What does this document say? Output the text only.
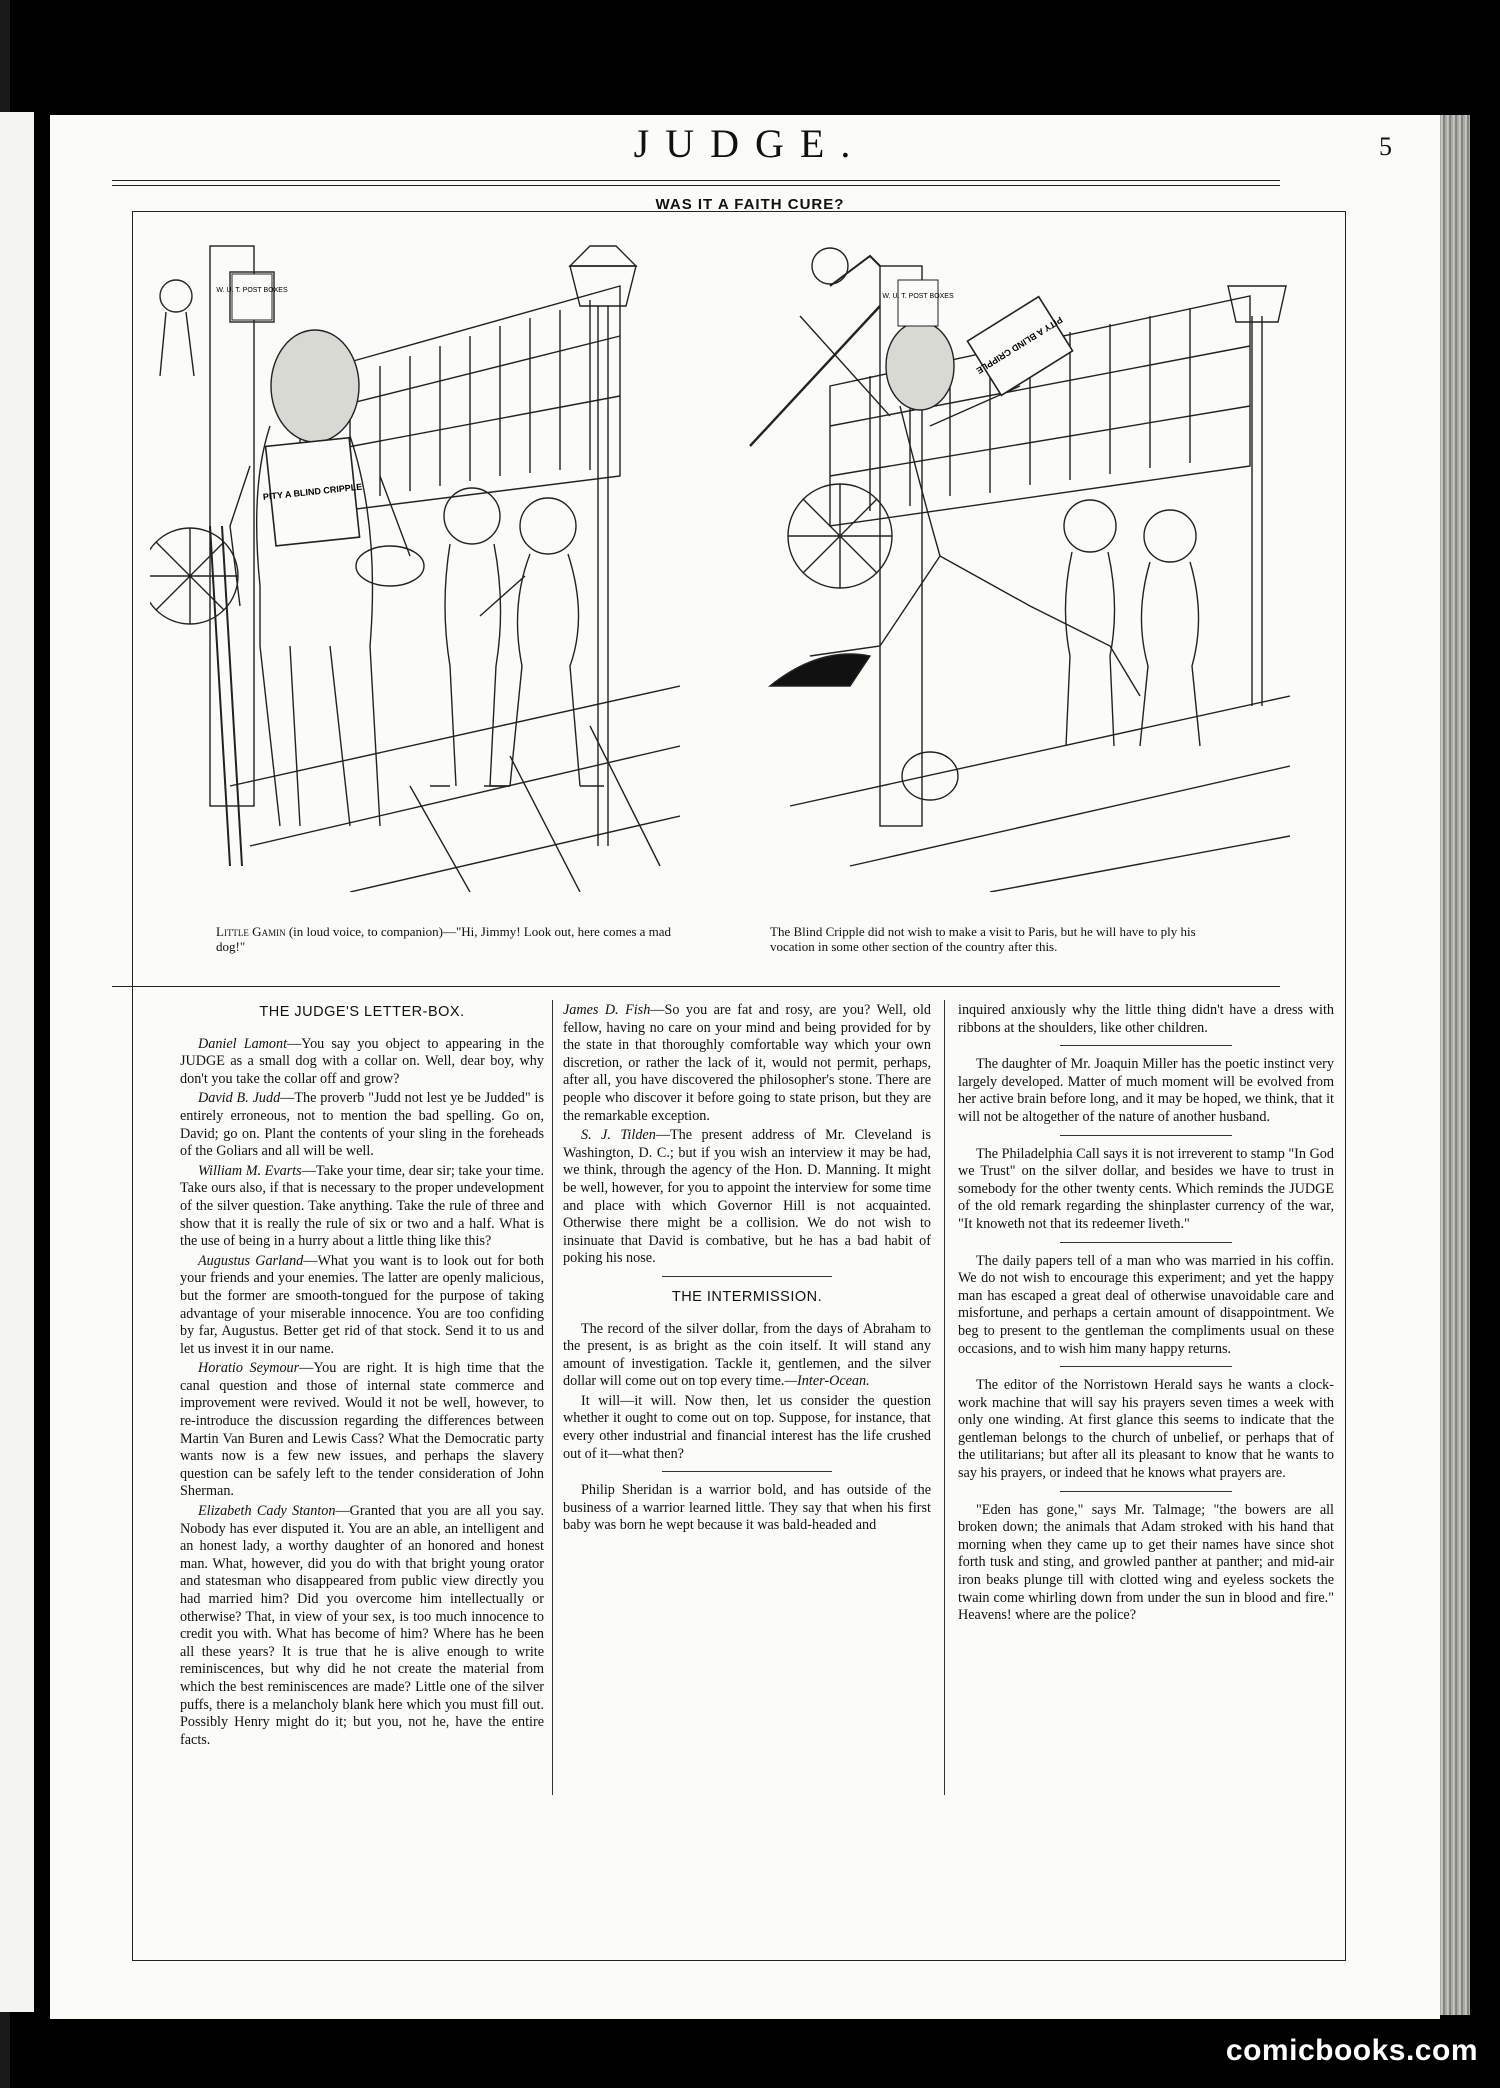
JUDGE.	5
WAS IT A FAITH CURE?
W. U. T. POST BOXES
PITY A BLIND CRIPPLE
W. U. T. POST BOXES
PITY A BLIND CRIPPLE
Little Gamin (in loud voice, to companion)—"Hi, Jimmy! Look out, here comes a mad dog!"
The Blind Cripple did not wish to make a visit to Paris, but he will have to ply his vocation in some other section of the country after this.
THE JUDGE'S LETTER-BOX.

Daniel Lamont—You say you object to appearing in the JUDGE as a small dog with a collar on. Well, dear boy, why don't you take the collar off and grow?

David B. Judd—The proverb "Judd not lest ye be Judded" is entirely erroneous, not to mention the bad spelling. Go on, David; go on. Plant the contents of your sling in the foreheads of the Goliars and all will be well.

William M. Evarts—Take your time, dear sir; take your time. Take ours also, if that is necessary to the proper undevelopment of the silver question. Take anything. Take the rule of three and show that it is really the rule of six or two and a half. What is the use of being in a hurry about a little thing like this?

Augustus Garland—What you want is to look out for both your friends and your enemies. The latter are openly malicious, but the former are smooth-tongued for the purpose of taking advantage of your miserable innocence. You are too confiding by far, Augustus. Better get rid of that stock. Send it to us and let us invest it in our name.

Horatio Seymour—You are right. It is high time that the canal question and those of internal state commerce and improvement were revived. Would it not be well, however, to re-introduce the discussion regarding the differences between Martin Van Buren and Lewis Cass? What the Democratic party wants now is a few new issues, and perhaps the slavery question can be safely left to the tender consideration of John Sherman.

Elizabeth Cady Stanton—Granted that you are all you say. Nobody has ever disputed it. You are an able, an intelligent and an honest lady, a worthy daughter of an honored and honest man. What, however, did you do with that bright young orator and statesman who disappeared from public view directly you had married him? Did you overcome him intellectually or otherwise? That, in view of your sex, is too much innocence to credit you with. What has become of him? Where has he been all these years? It is true that he is alive enough to write reminiscences, but why did he not create the material from which the best reminiscences are made? Little one of the silver puffs, there is a melancholy blank here which you must fill out. Possibly Henry might do it; but you, not he, have the entire facts.

James D. Fish—So you are fat and rosy, are you? Well, old fellow, having no care on your mind and being provided for by the state in that thoroughly comfortable way which your own discretion, or rather the lack of it, would not permit, perhaps, after all, you have discovered the philosopher's stone. There are people who discover it before going to state prison, but they are the remarkable exception.

S. J. Tilden—The present address of Mr. Cleveland is Washington, D. C.; but if you wish an interview it may be had, we think, through the agency of the Hon. D. Manning. It might be well, however, for you to appoint the interview for some time and place with which Governor Hill is not acquainted. Otherwise there might be a collision. We do not wish to insinuate that David is combative, but he has a bad habit of poking his nose.

THE INTERMISSION.

The record of the silver dollar, from the days of Abraham to the present, is as bright as the coin itself. It will stand any amount of investigation. Tackle it, gentlemen, and the silver dollar will come out on top every time.—Inter-Ocean.

It will—it will. Now then, let us consider the question whether it ought to come out on top. Suppose, for instance, that every other industrial and financial interest has the life crushed out of it—what then?

Philip Sheridan is a warrior bold, and has outside of the business of a warrior learned little. They say that when his first baby was born he wept because it was bald-headed and

inquired anxiously why the little thing didn't have a dress with ribbons at the shoulders, like other children.

The daughter of Mr. Joaquin Miller has the poetic instinct very largely developed. Matter of much moment will be evolved from her active brain before long, and it may be hoped, we think, that it will not be altogether of the nature of another husband.

The Philadelphia Call says it is not irreverent to stamp "In God we Trust" on the silver dollar, and besides we have to trust in somebody for the other twenty cents. Which reminds the JUDGE of the old remark regarding the shinplaster currency of the war, "It knoweth not that its redeemer liveth."

The daily papers tell of a man who was married in his coffin. We do not wish to encourage this experiment; and yet the happy man has escaped a great deal of otherwise unavoidable care and misfortune, and perhaps a certain amount of disappointment. We beg to present to the gentleman the compliments usual on these occasions, and to wish him many happy returns.

The editor of the Norristown Herald says he wants a clock-work machine that will say his prayers seven times a week with only one winding. At first glance this seems to indicate that the gentleman belongs to the church of unbelief, or perhaps that of the utilitarians; but after all its pleasant to know that he wants to say his prayers, or indeed that he knows what prayers are.

"Eden has gone," says Mr. Talmage; "the bowers are all broken down; the animals that Adam stroked with his hand that morning when they came up to get their names have since shot forth tusk and sting, and growled panther at panther; and mid-air iron beaks plunge till with clotted wing and eyeless sockets the twain come whirling down from under the sun in blood and fire." Heavens! where are the police?

comicbooks.com
